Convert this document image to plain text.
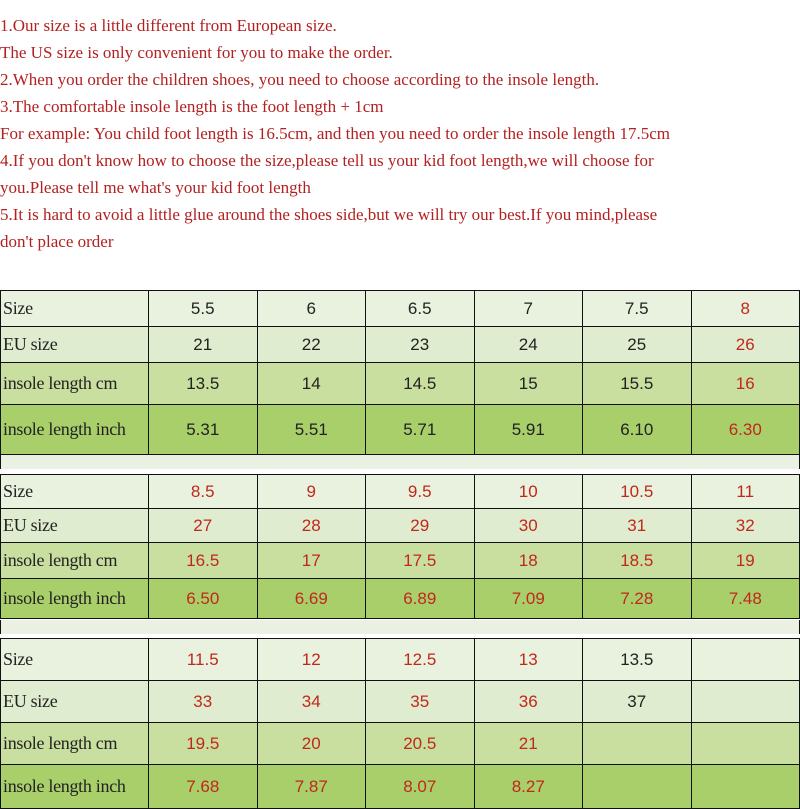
1.Our size is a little different from European size.
The US size is only convenient for you to make the order.
2.When you order the children shoes, you need to choose according to the insole length.
3.The comfortable insole length is the foot length + 1cm
For example: You child foot length is 16.5cm, and then you need to order the insole length 17.5cm
4.If you don't know how to choose the size,please tell us your kid foot length,we will choose for
you.Please tell me what's your kid foot length
5.It is hard to avoid a little glue around the shoes side,but we will try our best.If you mind,please
don't place order
Size	5.5	6	6.5	7	7.5	8
EU size	21	22	23	24	25	26
insole length cm	13.5	14	14.5	15	15.5	16
insole length inch	5.31	5.51	5.71	5.91	6.10	6.30
Size	8.5	9	9.5	10	10.5	11
EU size	27	28	29	30	31	32
insole length cm	16.5	17	17.5	18	18.5	19
insole length inch	6.50	6.69	6.89	7.09	7.28	7.48
Size	11.5	12	12.5	13	13.5	
EU size	33	34	35	36	37	
insole length cm	19.5	20	20.5	21		
insole length inch	7.68	7.87	8.07	8.27		
